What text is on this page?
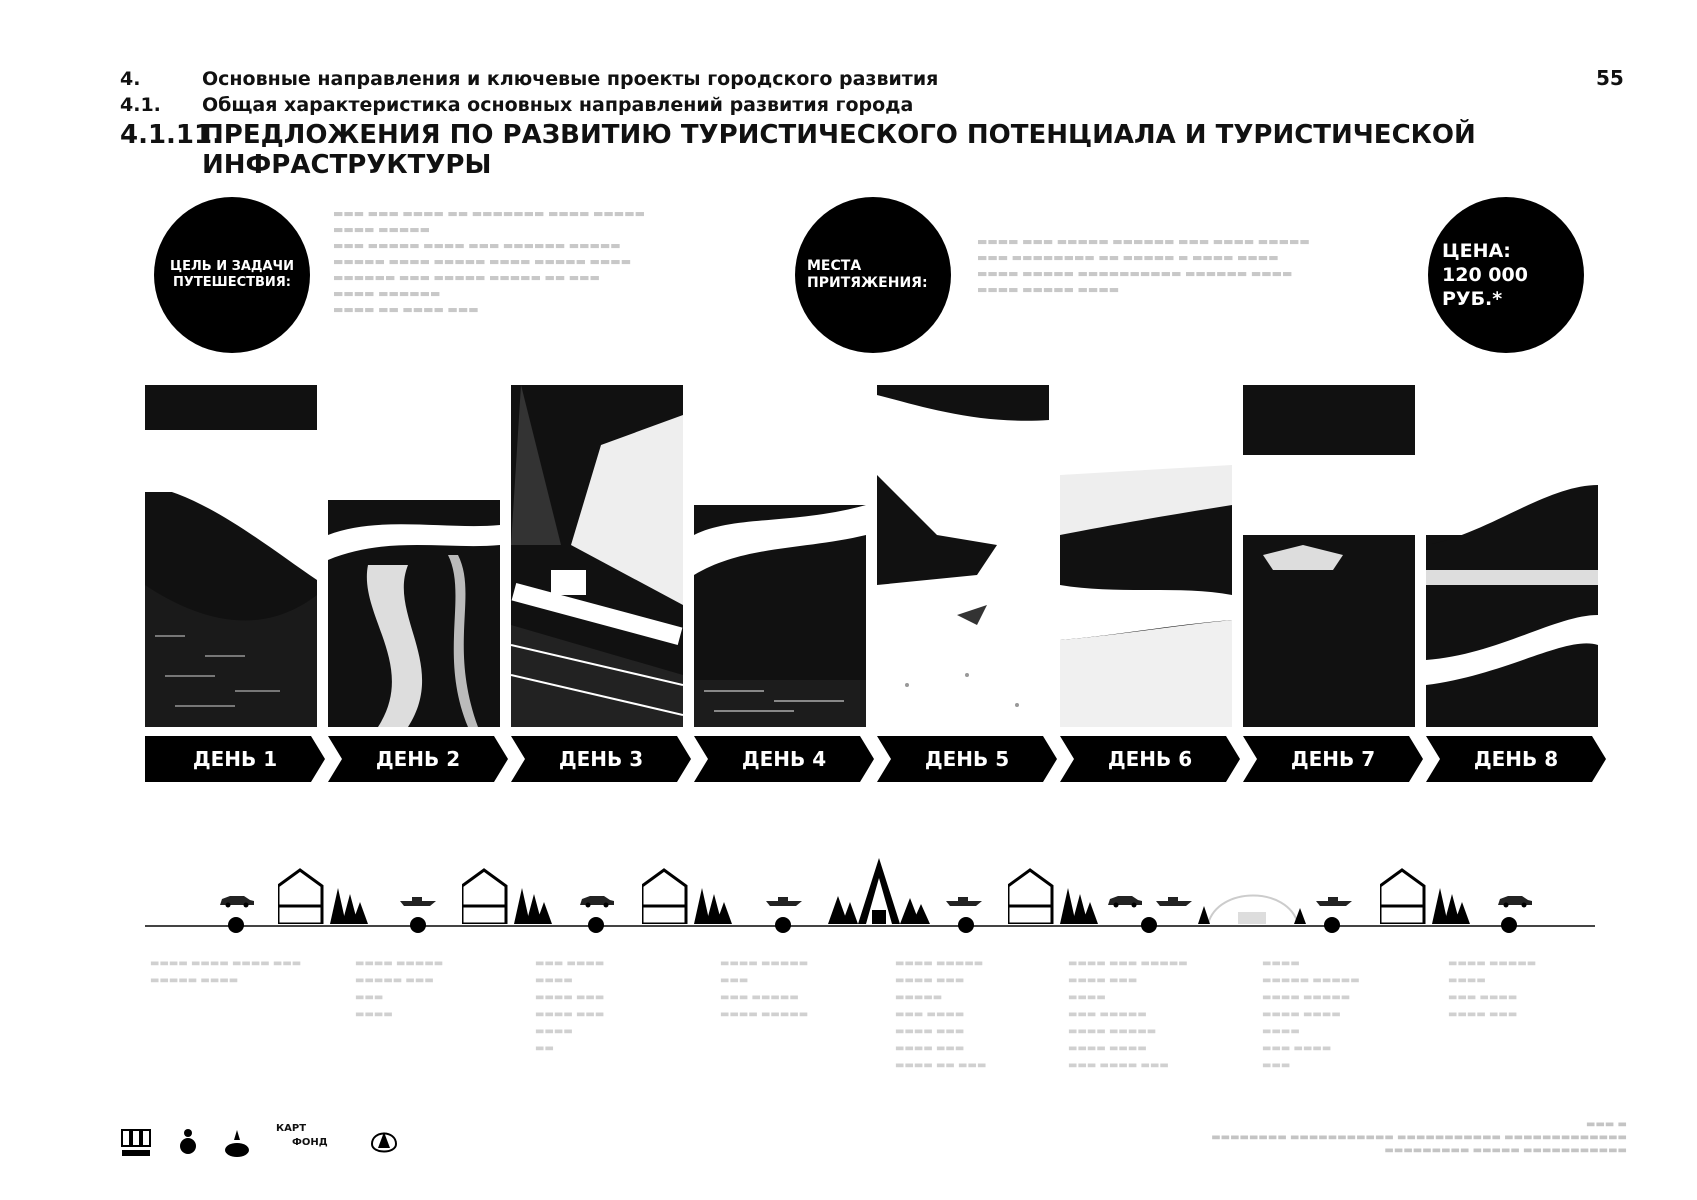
4.	Основные направления и ключевые проекты городского развития
4.1. Общая характеристика основных направлений развития города
4.1.11.
ПРЕДЛОЖЕНИЯ ПО РАЗВИТИЮ ТУРИСТИЧЕСКОГО ПОТЕНЦИАЛА И ТУРИСТИЧЕСКОЙ ИНФРАСТРУКТУРЫ
55
ЦЕЛЬ И ЗАДАЧИ
ПУТЕШЕСТВИЯ:
▬▬▬ ▬▬▬ ▬▬▬▬ ▬▬ ▬▬▬▬▬▬▬ ▬▬▬▬ ▬▬▬▬▬
▬▬▬▬ ▬▬▬▬▬
▬▬▬ ▬▬▬▬▬ ▬▬▬▬ ▬▬▬ ▬▬▬▬▬▬ ▬▬▬▬▬
▬▬▬▬▬ ▬▬▬▬ ▬▬▬▬▬ ▬▬▬▬ ▬▬▬▬▬ ▬▬▬▬
▬▬▬▬▬▬ ▬▬▬ ▬▬▬▬▬ ▬▬▬▬▬ ▬▬ ▬▬▬
▬▬▬▬ ▬▬▬▬▬▬
▬▬▬▬ ▬▬ ▬▬▬▬ ▬▬▬
МЕСТА
ПРИТЯЖЕНИЯ:
▬▬▬▬ ▬▬▬ ▬▬▬▬▬ ▬▬▬▬▬▬ ▬▬▬ ▬▬▬▬ ▬▬▬▬▬
▬▬▬ ▬▬▬▬▬▬▬▬ ▬▬ ▬▬▬▬▬ ▬ ▬▬▬▬ ▬▬▬▬
▬▬▬▬ ▬▬▬▬▬ ▬▬▬▬▬▬▬▬▬▬ ▬▬▬▬▬▬ ▬▬▬▬
▬▬▬▬ ▬▬▬▬▬ ▬▬▬▬
ЦЕНА:
120 000 РУБ.*
ДЕНЬ 1	ДЕНЬ 2	ДЕНЬ 3	ДЕНЬ 4	ДЕНЬ 5	ДЕНЬ 6	ДЕНЬ 7	ДЕНЬ 8
▬▬▬▬ ▬▬▬▬ ▬▬▬▬ ▬▬▬
▬▬▬▬▬ ▬▬▬▬
▬▬▬▬ ▬▬▬▬▬
▬▬▬▬▬ ▬▬▬
▬▬▬
▬▬▬▬
▬▬▬ ▬▬▬▬
▬▬▬▬
▬▬▬▬ ▬▬▬
▬▬▬▬ ▬▬▬
▬▬▬▬
▬▬
▬▬▬▬ ▬▬▬▬▬
▬▬▬
▬▬▬ ▬▬▬▬▬
▬▬▬▬ ▬▬▬▬▬
▬▬▬▬ ▬▬▬▬▬
▬▬▬▬ ▬▬▬
▬▬▬▬▬
▬▬▬ ▬▬▬▬
▬▬▬▬ ▬▬▬
▬▬▬▬ ▬▬▬
▬▬▬▬ ▬▬ ▬▬▬
▬▬▬▬ ▬▬▬ ▬▬▬▬▬
▬▬▬▬ ▬▬▬
▬▬▬▬
▬▬▬ ▬▬▬▬▬
▬▬▬▬ ▬▬▬▬▬
▬▬▬▬ ▬▬▬▬
▬▬▬ ▬▬▬▬ ▬▬▬
▬▬▬▬
▬▬▬▬▬ ▬▬▬▬▬
▬▬▬▬ ▬▬▬▬▬
▬▬▬▬ ▬▬▬▬
▬▬▬▬
▬▬▬ ▬▬▬▬
▬▬▬
▬▬▬▬ ▬▬▬▬▬
▬▬▬▬
▬▬▬ ▬▬▬▬
▬▬▬▬ ▬▬▬
КАРТ
ФОНД
▬▬▬ ▬
▬▬▬▬▬▬▬▬ ▬▬▬▬▬▬▬▬▬▬▬ ▬▬▬▬▬▬▬▬▬▬▬ ▬▬▬▬▬▬▬▬▬▬▬▬▬
▬▬▬▬▬▬▬▬▬ ▬▬▬▬▬ ▬▬▬▬▬▬▬▬▬▬▬
